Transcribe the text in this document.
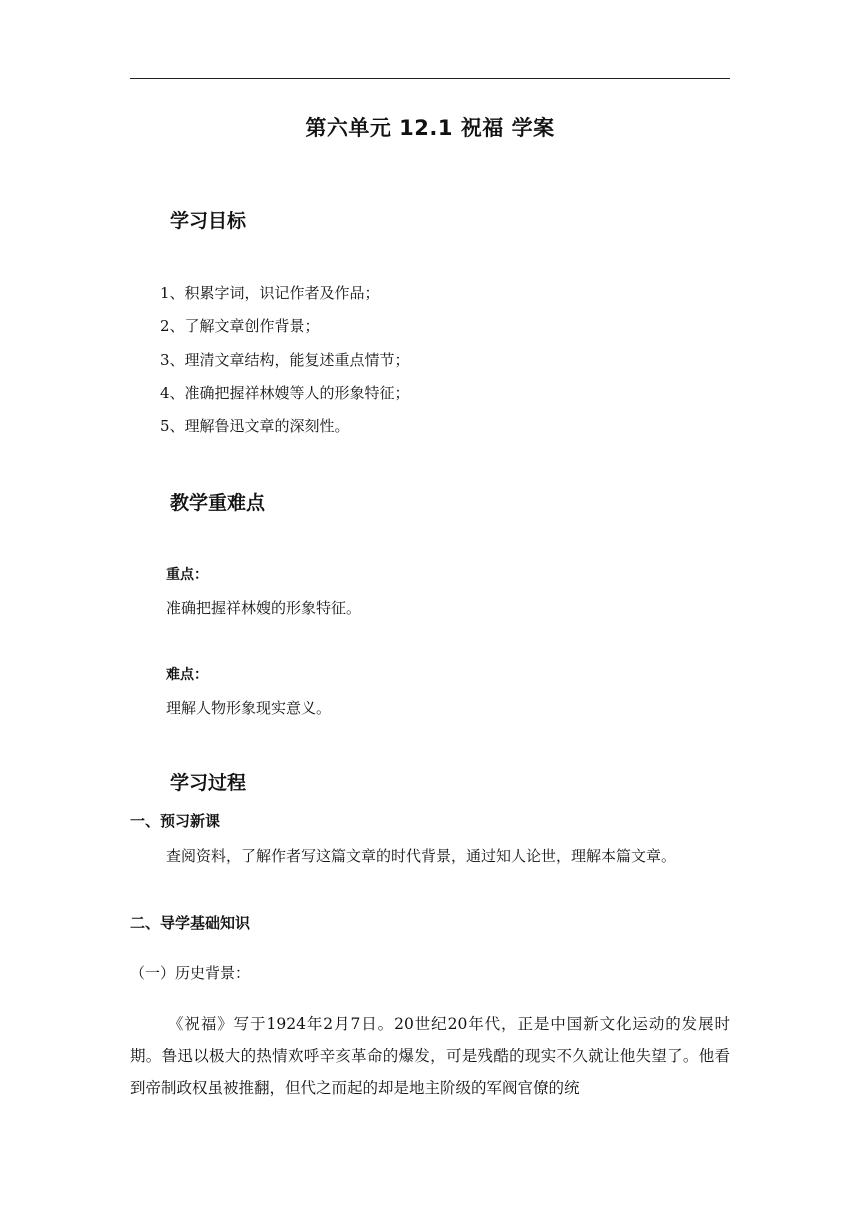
第六单元 12.1 祝福 学案
学习目标
1、积累字词，识记作者及作品；
2、了解文章创作背景；
3、理清文章结构，能复述重点情节；
4、准确把握祥林嫂等人的形象特征；
5、理解鲁迅文章的深刻性。
教学重难点
重点：
准确把握祥林嫂的形象特征。
难点：
理解人物形象现实意义。
学习过程
一、预习新课
查阅资料，了解作者写这篇文章的时代背景，通过知人论世，理解本篇文章。
二、导学基础知识
（一）历史背景：

《祝福》写于1924年2月7日。20世纪20年代，正是中国新文化运动的发展时期。鲁迅以极大的热情欢呼辛亥革命的爆发，可是残酷的现实不久就让他失望了。他看到帝制政权虽被推翻，但代之而起的却是地主阶级的军阀官僚的统
